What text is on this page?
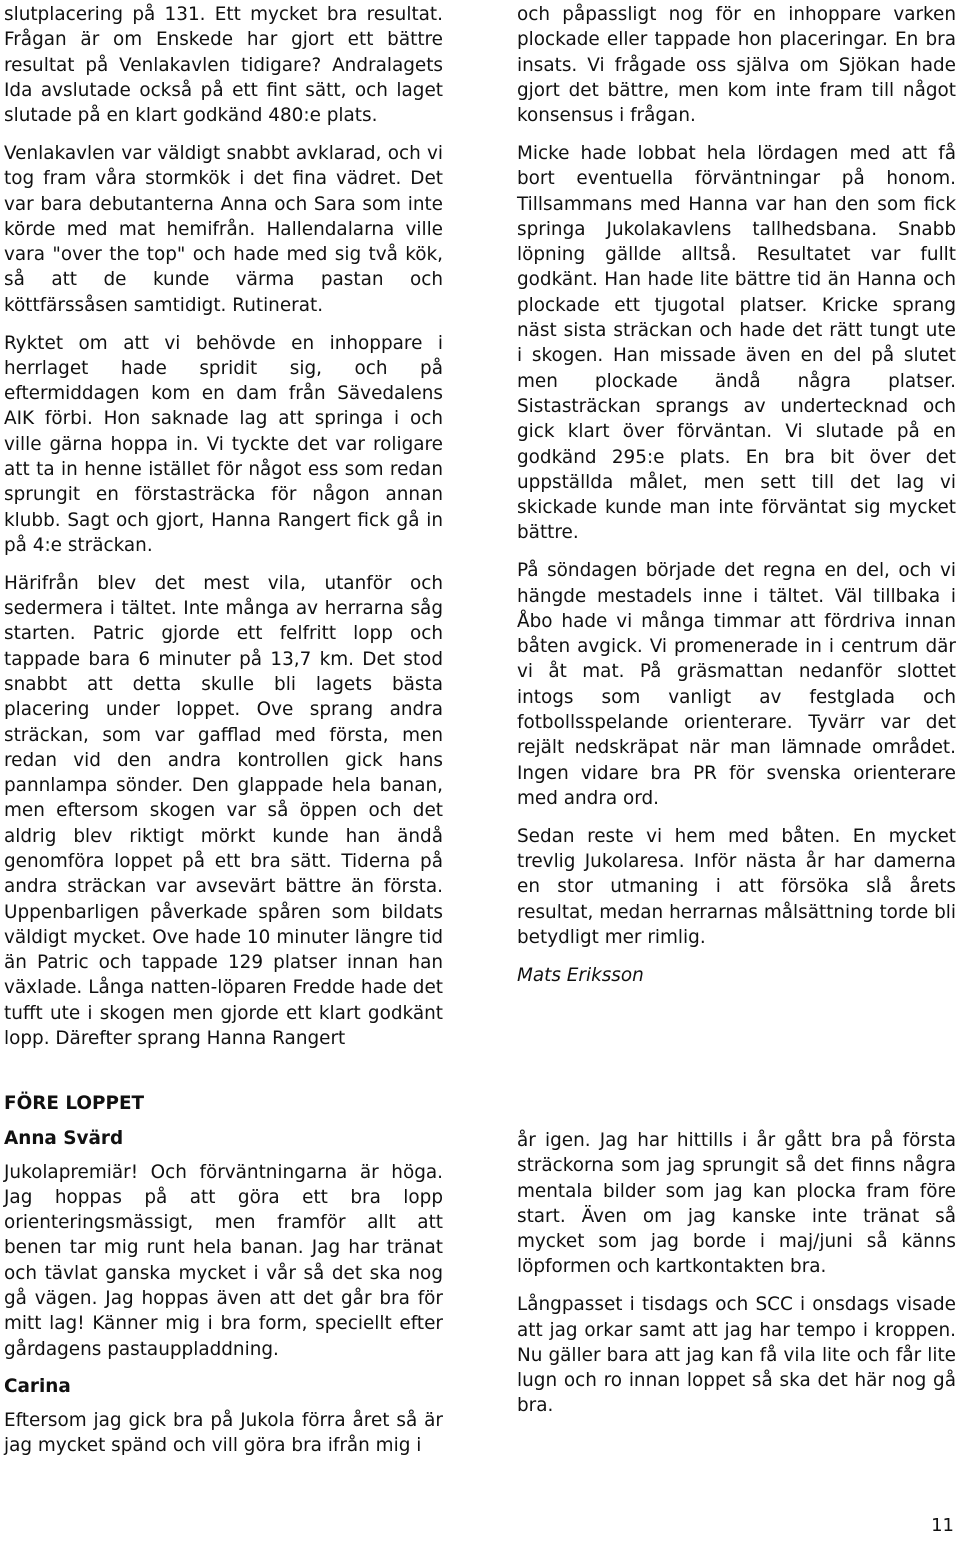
slutplacering på 131. Ett mycket bra resultat. Frågan är om Enskede har gjort ett bättre resultat på Venlakavlen tidigare? Andralagets Ida avslutade också på ett fint sätt, och laget slutade på en klart godkänd 480:e plats.

Venlakavlen var väldigt snabbt avklarad, och vi tog fram våra stormkök i det fina vädret. Det var bara debutanterna Anna och Sara som inte körde med mat hemifrån. Hallendalarna ville vara "over the top" och hade med sig två kök, så att de kunde värma pastan och köttfärssåsen samtidigt. Rutinerat.

Ryktet om att vi behövde en inhoppare i herrlaget hade spridit sig, och på eftermiddagen kom en dam från Sävedalens AIK förbi. Hon saknade lag att springa i och ville gärna hoppa in. Vi tyckte det var roligare att ta in henne istället för något ess som redan sprungit en förstasträcka för någon annan klubb. Sagt och gjort, Hanna Rangert fick gå in på 4:e sträckan.

Härifrån blev det mest vila, utanför och sedermera i tältet. Inte många av herrarna såg starten. Patric gjorde ett felfritt lopp och tappade bara 6 minuter på 13,7 km. Det stod snabbt att detta skulle bli lagets bästa placering under loppet. Ove sprang andra sträckan, som var gafflad med första, men redan vid den andra kontrollen gick hans pannlampa sönder. Den glappade hela banan, men eftersom skogen var så öppen och det aldrig blev riktigt mörkt kunde han ändå genomföra loppet på ett bra sätt. Tiderna på andra sträckan var avsevärt bättre än första. Uppenbarligen påverkade spåren som bildats väldigt mycket. Ove hade 10 minuter längre tid än Patric och tappade 129 platser innan han växlade. Långa natten-löparen Fredde hade det tufft ute i skogen men gjorde ett klart godkänt lopp. Därefter sprang Hanna Rangert

och påpassligt nog för en inhoppare varken plockade eller tappade hon placeringar. En bra insats. Vi frågade oss själva om Sjökan hade gjort det bättre, men kom inte fram till något konsensus i frågan.

Micke hade lobbat hela lördagen med att få bort eventuella förväntningar på honom. Tillsammans med Hanna var han den som fick springa Jukolakavlens tallhedsbana. Snabb löpning gällde alltså. Resultatet var fullt godkänt. Han hade lite bättre tid än Hanna och plockade ett tjugotal platser. Kricke sprang näst sista sträckan och hade det rätt tungt ute i skogen. Han missade även en del på slutet men plockade ändå några platser. Sistasträckan sprangs av undertecknad och gick klart över förväntan. Vi slutade på en godkänd 295:e plats. En bra bit över det uppställda målet, men sett till det lag vi skickade kunde man inte förväntat sig mycket bättre.

På söndagen började det regna en del, och vi hängde mestadels inne i tältet. Väl tillbaka i Åbo hade vi många timmar att fördriva innan båten avgick. Vi promenerade in i centrum där vi åt mat. På gräsmattan nedanför slottet intogs som vanligt av festglada och fotbollsspelande orienterare. Tyvärr var det rejält nedskräpat när man lämnade området. Ingen vidare bra PR för svenska orienterare med andra ord.

Sedan reste vi hem med båten. En mycket trevlig Jukolaresa. Inför nästa år har damerna en stor utmaning i att försöka slå årets resultat, medan herrarnas målsättning torde bli betydligt mer rimlig.

Mats Eriksson
FÖRE LOPPET
Anna Svärd

Jukolapremiär! Och förväntningarna är höga. Jag hoppas på att göra ett bra lopp orienteringsmässigt, men framför allt att benen tar mig runt hela banan. Jag har tränat och tävlat ganska mycket i vår så det ska nog gå vägen. Jag hoppas även att det går bra för mitt lag! Känner mig i bra form, speciellt efter gårdagens pastauppladdning.

Carina

Eftersom jag gick bra på Jukola förra året så är jag mycket spänd och vill göra bra ifrån mig i

år igen. Jag har hittills i år gått bra på första sträckorna som jag sprungit så det finns några mentala bilder som jag kan plocka fram före start. Även om jag kanske inte tränat så mycket som jag borde i maj/juni så känns löpformen och kartkontakten bra.

Långpasset i tisdags och SCC i onsdags visade att jag orkar samt att jag har tempo i kroppen. Nu gäller bara att jag kan få vila lite och får lite lugn och ro innan loppet så ska det här nog gå bra.

11
